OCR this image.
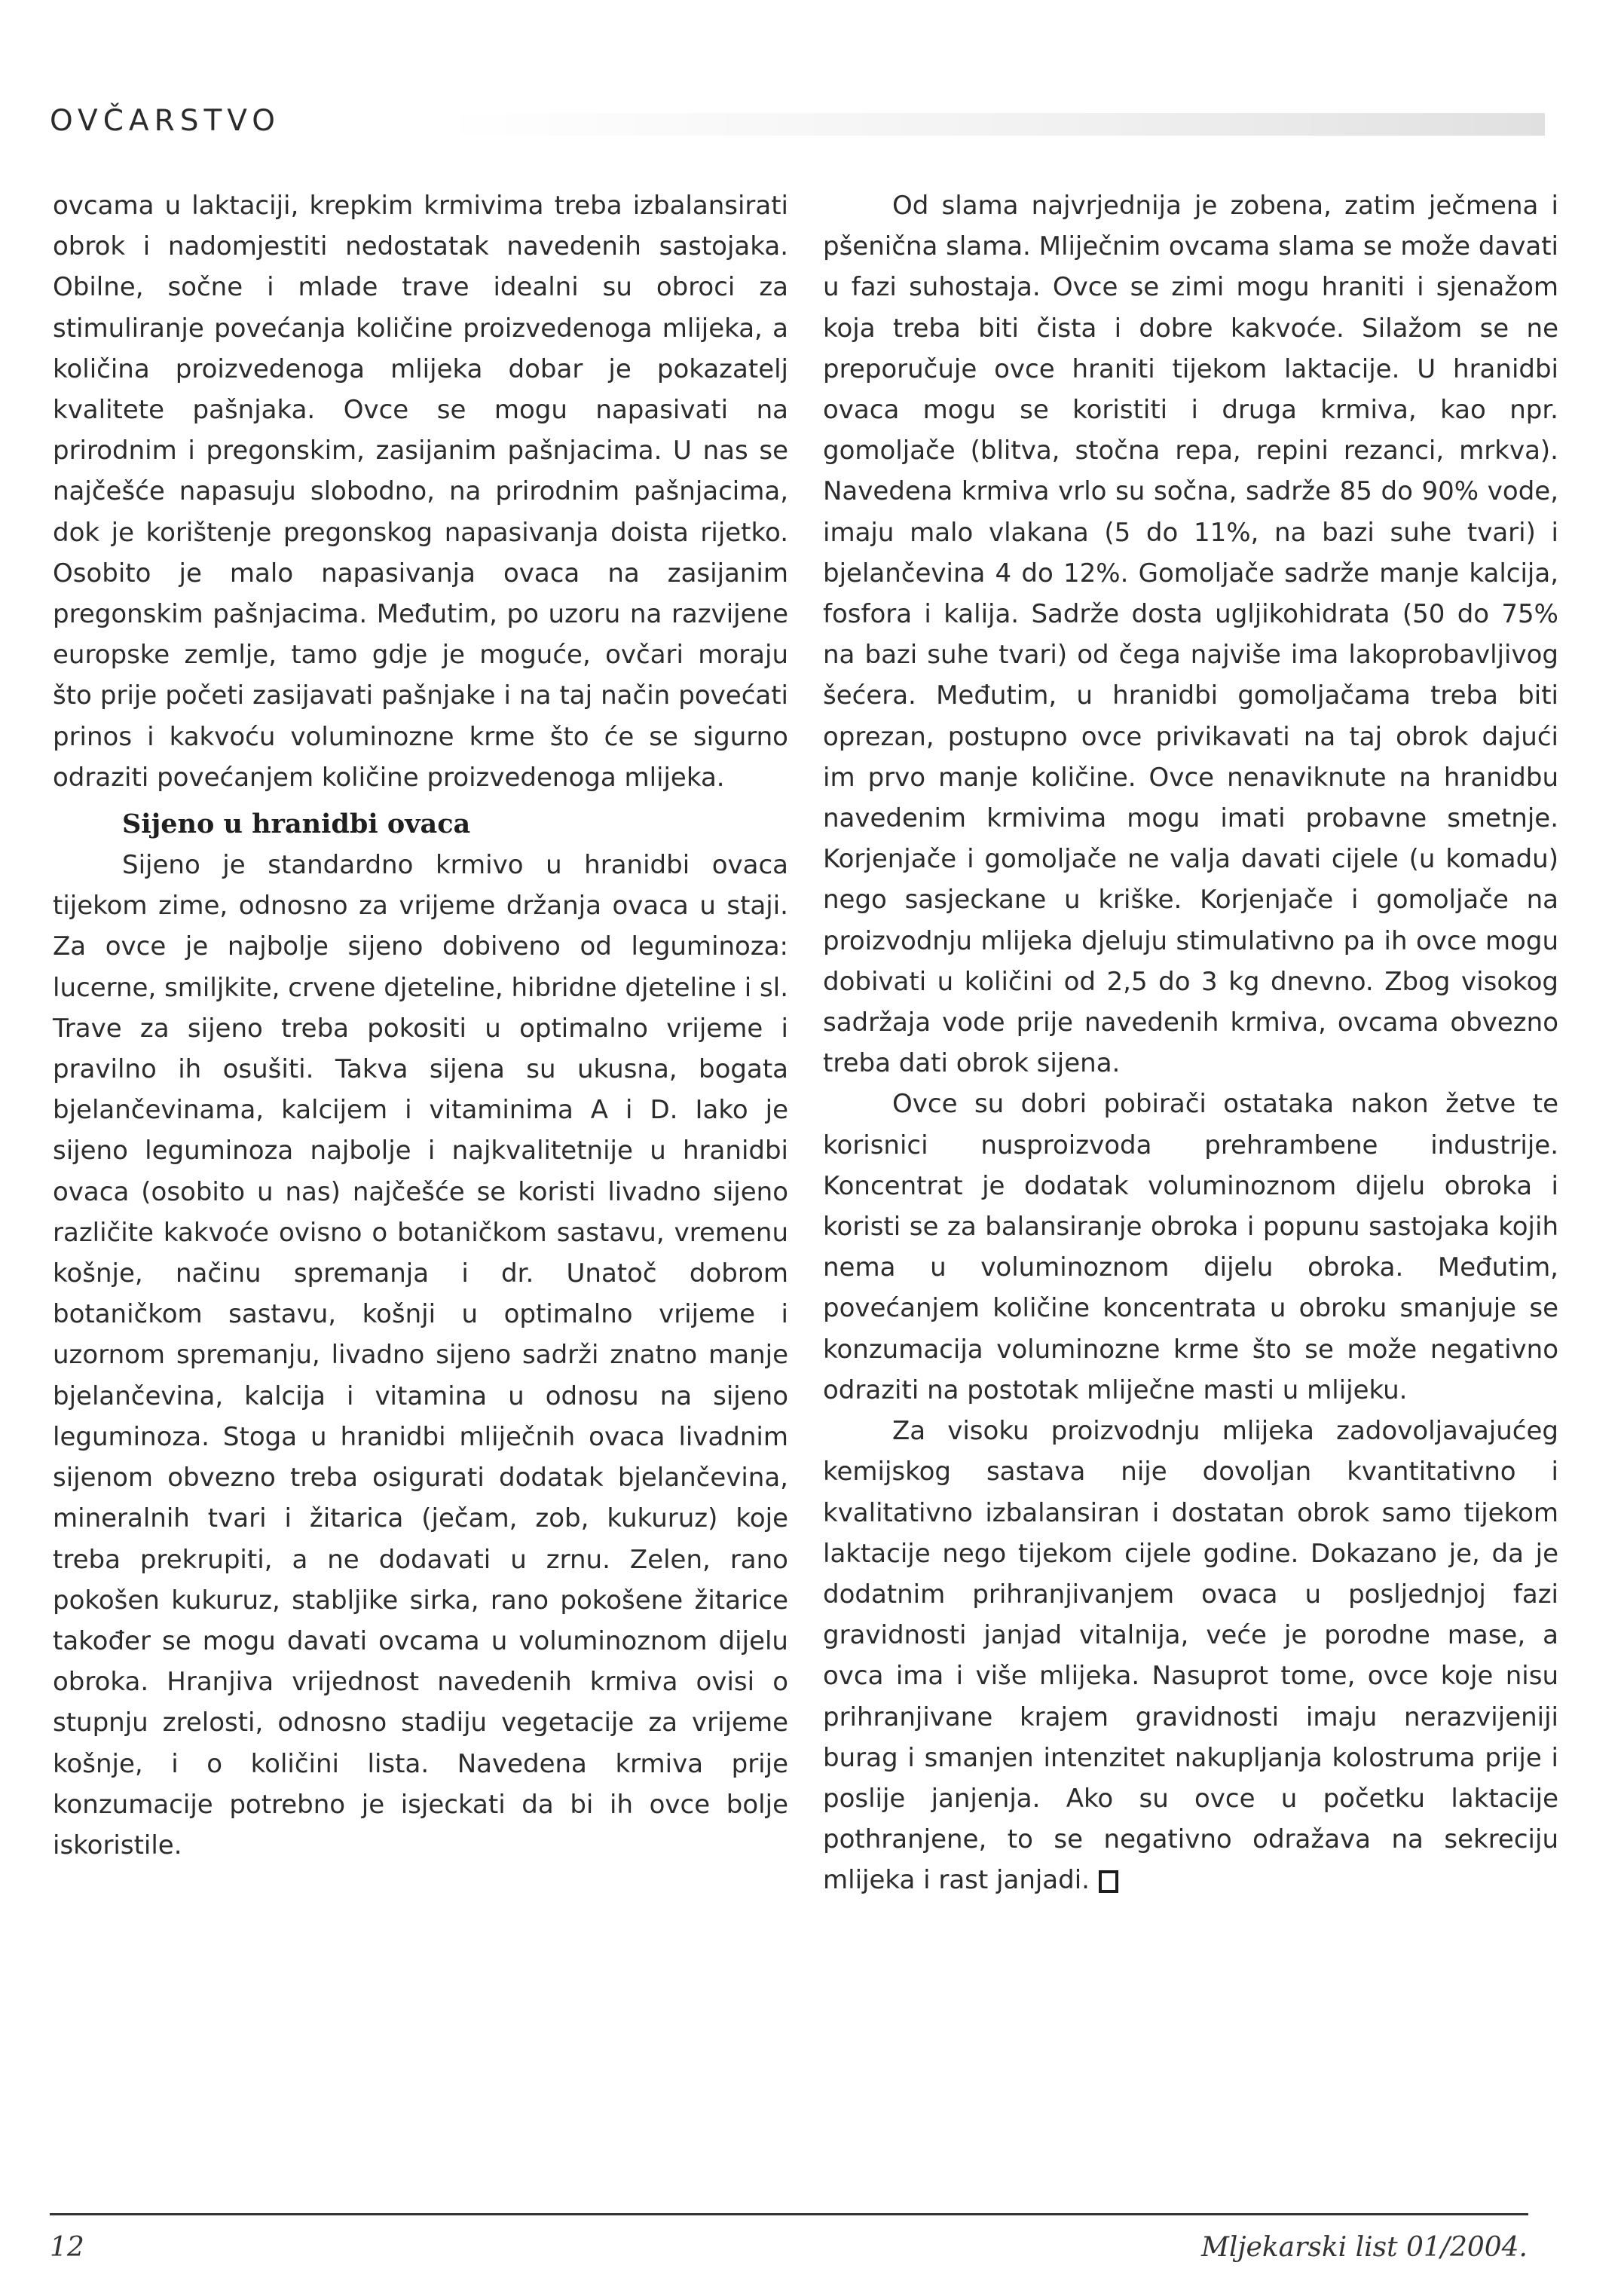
OVČARSTVO

ovcama u laktaciji, krepkim krmivima treba izbalansirati obrok i nadomjestiti nedostatak navedenih sastojaka. Obilne, sočne i mlade trave idealni su obroci za stimuliranje povećanja količine proizvedenoga mlijeka, a količina proizvedenoga mlijeka dobar je pokazatelj kvalitete pašnjaka. Ovce se mogu napasivati na prirodnim i pregonskim, zasijanim pašnjacima. U nas se najčešće napasuju slobodno, na prirodnim pašnjacima, dok je korištenje pregonskog napasivanja doista rijetko. Osobito je malo napasivanja ovaca na zasijanim pregonskim pašnjacima. Međutim, po uzoru na razvijene europske zemlje, tamo gdje je moguće, ovčari moraju što prije početi zasijavati pašnjake i na taj način povećati prinos i kakvoću voluminozne krme što će se sigurno odraziti povećanjem količine proizvedenoga mlijeka.

Sijeno u hranidbi ovaca

Sijeno je standardno krmivo u hranidbi ovaca tijekom zime, odnosno za vrijeme držanja ovaca u staji. Za ovce je najbolje sijeno dobiveno od leguminoza: lucerne, smiljkite, crvene djeteline, hibridne djeteline i sl. Trave za sijeno treba pokositi u optimalno vrijeme i pravilno ih osušiti. Takva sijena su ukusna, bogata bjelančevinama, kalcijem i vitaminima A i D. Iako je sijeno leguminoza najbolje i najkvalitetnije u hranidbi ovaca (osobito u nas) najčešće se koristi livadno sijeno različite kakvoće ovisno o botaničkom sastavu, vremenu košnje, načinu spremanja i dr. Unatoč dobrom botaničkom sastavu, košnji u optimalno vrijeme i uzornom spremanju, livadno sijeno sadrži znatno manje bjelančevina, kalcija i vitamina u odnosu na sijeno leguminoza. Stoga u hranidbi mliječnih ovaca livadnim sijenom obvezno treba osigurati dodatak bjelančevina, mineralnih tvari i žitarica (ječam, zob, kukuruz) koje treba prekrupiti, a ne dodavati u zrnu. Zelen, rano pokošen kukuruz, stabljike sirka, rano pokošene žitarice također se mogu davati ovcama u voluminoznom dijelu obroka. Hranjiva vrijednost navedenih krmiva ovisi o stupnju zrelosti, odnosno stadiju vegetacije za vrijeme košnje, i o količini lista. Navedena krmiva prije konzumacije potrebno je isjeckati da bi ih ovce bolje iskoristile.

Od slama najvrjednija je zobena, zatim ječmena i pšenična slama. Mliječnim ovcama slama se može davati u fazi suhostaja. Ovce se zimi mogu hraniti i sjenažom koja treba biti čista i dobre kakvoće. Silažom se ne preporučuje ovce hraniti tijekom laktacije. U hranidbi ovaca mogu se koristiti i druga krmiva, kao npr. gomoljače (blitva, stočna repa, repini rezanci, mrkva). Navedena krmiva vrlo su sočna, sadrže 85 do 90% vode, imaju malo vlakana (5 do 11%, na bazi suhe tvari) i bjelančevina 4 do 12%. Gomoljače sadrže manje kalcija, fosfora i kalija. Sadrže dosta ugljikohidrata (50 do 75% na bazi suhe tvari) od čega najviše ima lakoprobavljivog šećera. Međutim, u hranidbi gomoljačama treba biti oprezan, postupno ovce privikavati na taj obrok dajući im prvo manje količine. Ovce nenaviknute na hranidbu navedenim krmivima mogu imati probavne smetnje. Korjenjače i gomoljače ne valja davati cijele (u komadu) nego sasjeckane u kriške. Korjenjače i gomoljače na proizvodnju mlijeka djeluju stimulativno pa ih ovce mogu dobivati u količini od 2,5 do 3 kg dnevno. Zbog visokog sadržaja vode prije navedenih krmiva, ovcama obvezno treba dati obrok sijena.

Ovce su dobri pobirači ostataka nakon žetve te korisnici nusproizvoda prehrambene industrije. Koncentrat je dodatak voluminoznom dijelu obroka i koristi se za balansiranje obroka i popunu sastojaka kojih nema u voluminoznom dijelu obroka. Međutim, povećanjem količine koncentrata u obroku smanjuje se konzumacija voluminozne krme što se može negativno odraziti na postotak mliječne masti u mlijeku.

Za visoku proizvodnju mlijeka zadovoljavajućeg kemijskog sastava nije dovoljan kvantitativno i kvalitativno izbalansiran i dostatan obrok samo tijekom laktacije nego tijekom cijele godine. Dokazano je, da je dodatnim prihranjivanjem ovaca u posljednjoj fazi gravidnosti janjad vitalnija, veće je porodne mase, a ovca ima i više mlijeka. Nasuprot tome, ovce koje nisu prihranjivane krajem gravidnosti imaju nerazvijeniji burag i smanjen intenzitet nakupljanja kolostruma prije i poslije janjenja. Ako su ovce u početku laktacije pothranjene, to se negativno odražava na sekreciju mlijeka i rast janjadi.

12	Mljekarski list 01/2004.
